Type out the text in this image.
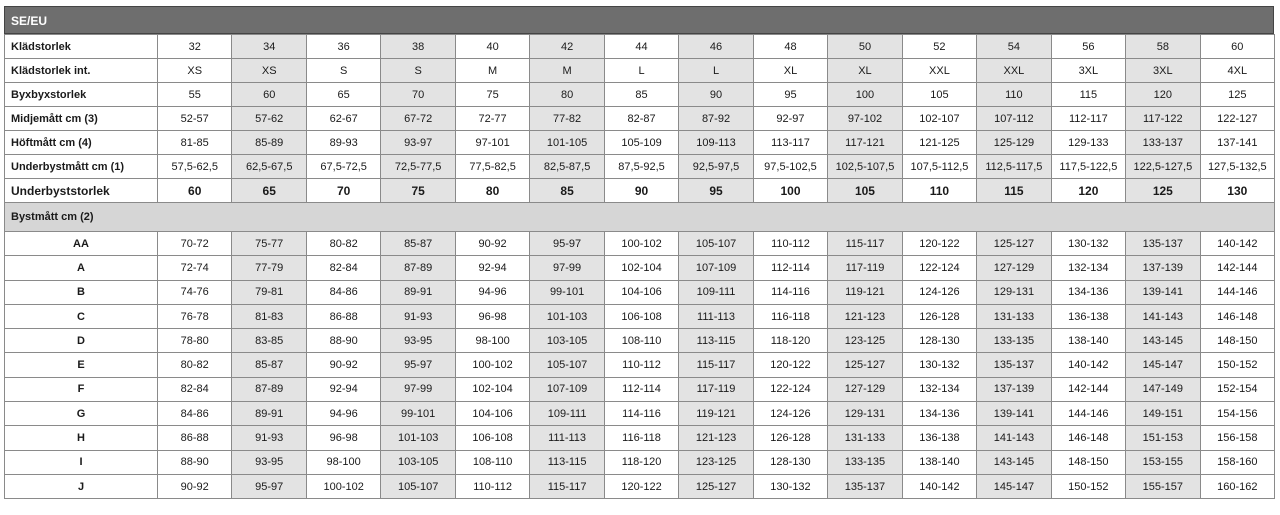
SE/EU
Klädstorlek	32	34	36	38	40	42	44	46	48	50	52	54	56	58	60
Klädstorlek int.	XS	XS	S	S	M	M	L	L	XL	XL	XXL	XXL	3XL	3XL	4XL
Byxbyxstorlek	55	60	65	70	75	80	85	90	95	100	105	110	115	120	125
Midjemått cm (3)	52-57	57-62	62-67	67-72	72-77	77-82	82-87	87-92	92-97	97-102	102-107	107-112	112-117	117-122	122-127
Höftmått cm (4)	81-85	85-89	89-93	93-97	97-101	101-105	105-109	109-113	113-117	117-121	121-125	125-129	129-133	133-137	137-141
Underbystmått cm (1)	57,5-62,5	62,5-67,5	67,5-72,5	72,5-77,5	77,5-82,5	82,5-87,5	87,5-92,5	92,5-97,5	97,5-102,5	102,5-107,5	107,5-112,5	112,5-117,5	117,5-122,5	122,5-127,5	127,5-132,5
Underbyststorlek	60	65	70	75	80	85	90	95	100	105	110	115	120	125	130
Bystmått cm (2)															
AA	70-72	75-77	80-82	85-87	90-92	95-97	100-102	105-107	110-112	115-117	120-122	125-127	130-132	135-137	140-142
A	72-74	77-79	82-84	87-89	92-94	97-99	102-104	107-109	112-114	117-119	122-124	127-129	132-134	137-139	142-144
B	74-76	79-81	84-86	89-91	94-96	99-101	104-106	109-111	114-116	119-121	124-126	129-131	134-136	139-141	144-146
C	76-78	81-83	86-88	91-93	96-98	101-103	106-108	111-113	116-118	121-123	126-128	131-133	136-138	141-143	146-148
D	78-80	83-85	88-90	93-95	98-100	103-105	108-110	113-115	118-120	123-125	128-130	133-135	138-140	143-145	148-150
E	80-82	85-87	90-92	95-97	100-102	105-107	110-112	115-117	120-122	125-127	130-132	135-137	140-142	145-147	150-152
F	82-84	87-89	92-94	97-99	102-104	107-109	112-114	117-119	122-124	127-129	132-134	137-139	142-144	147-149	152-154
G	84-86	89-91	94-96	99-101	104-106	109-111	114-116	119-121	124-126	129-131	134-136	139-141	144-146	149-151	154-156
H	86-88	91-93	96-98	101-103	106-108	111-113	116-118	121-123	126-128	131-133	136-138	141-143	146-148	151-153	156-158
I	88-90	93-95	98-100	103-105	108-110	113-115	118-120	123-125	128-130	133-135	138-140	143-145	148-150	153-155	158-160
J	90-92	95-97	100-102	105-107	110-112	115-117	120-122	125-127	130-132	135-137	140-142	145-147	150-152	155-157	160-162
